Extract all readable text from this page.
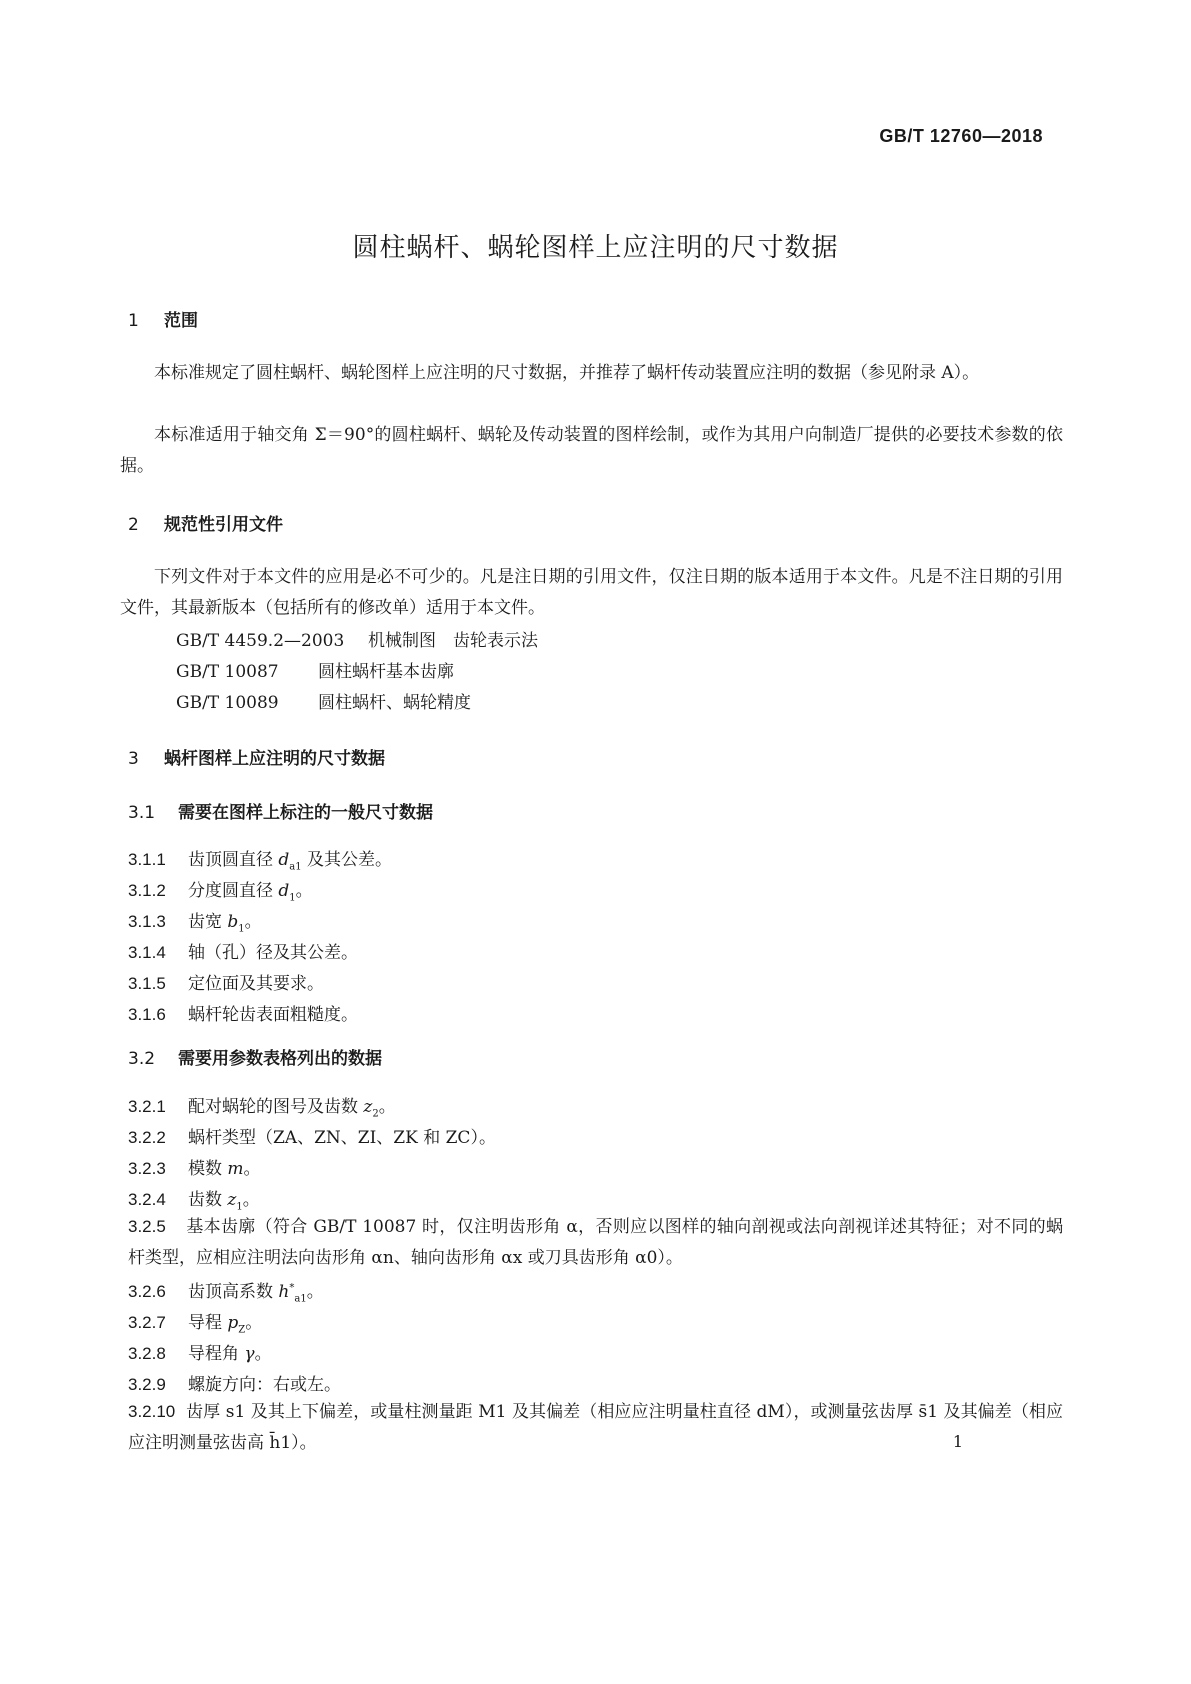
GB/T 12760—2018
圆柱蜗杆、蜗轮图样上应注明的尺寸数据
1 范围
本标准规定了圆柱蜗杆、蜗轮图样上应注明的尺寸数据，并推荐了蜗杆传动装置应注明的数据（参见附录 A）。
本标准适用于轴交角 Σ＝90°的圆柱蜗杆、蜗轮及传动装置的图样绘制，或作为其用户向制造厂提供的必要技术参数的依据。
2 规范性引用文件
下列文件对于本文件的应用是必不可少的。凡是注日期的引用文件，仅注日期的版本适用于本文件。凡是不注日期的引用文件，其最新版本（包括所有的修改单）适用于本文件。
GB/T 4459.2—2003 机械制图　齿轮表示法
GB/T 10087 圆柱蜗杆基本齿廓
GB/T 10089 圆柱蜗杆、蜗轮精度
3 蜗杆图样上应注明的尺寸数据
3.1 需要在图样上标注的一般尺寸数据
3.1.1 齿顶圆直径 $d_{a1}$ 及其公差。
3.1.2 分度圆直径 $d_1$。
3.1.3 齿宽 $b_1$。
3.1.4 轴（孔）径及其公差。
3.1.5 定位面及其要求。
3.1.6 蜗杆轮齿表面粗糙度。
3.2 需要用参数表格列出的数据
3.2.1 配对蜗轮的图号及齿数 $z_2$。
3.2.2 蜗杆类型（ZA、ZN、ZI、ZK 和 ZC）。
3.2.3 模数 m。
3.2.4 齿数 $z_1$。
3.2.5 基本齿廓（符合 GB/T 10087 时，仅注明齿形角 α，否则应以图样的轴向剖视或法向剖视详述其特征；对不同的蜗杆类型，应相应注明法向齿形角 αn、轴向齿形角 αx 或刀具齿形角 α0）。
3.2.6 齿顶高系数 $h^*_{a1}$。
3.2.7 导程 $p_Z$。
3.2.8 导程角 γ。
3.2.9 螺旋方向：右或左。
3.2.10 齿厚 s1 及其上下偏差，或量柱测量距 M1 及其偏差（相应应注明量柱直径 dM），或测量弦齿厚 s̄1 及其偏差（相应应注明测量弦齿高 h̄1）。	1
